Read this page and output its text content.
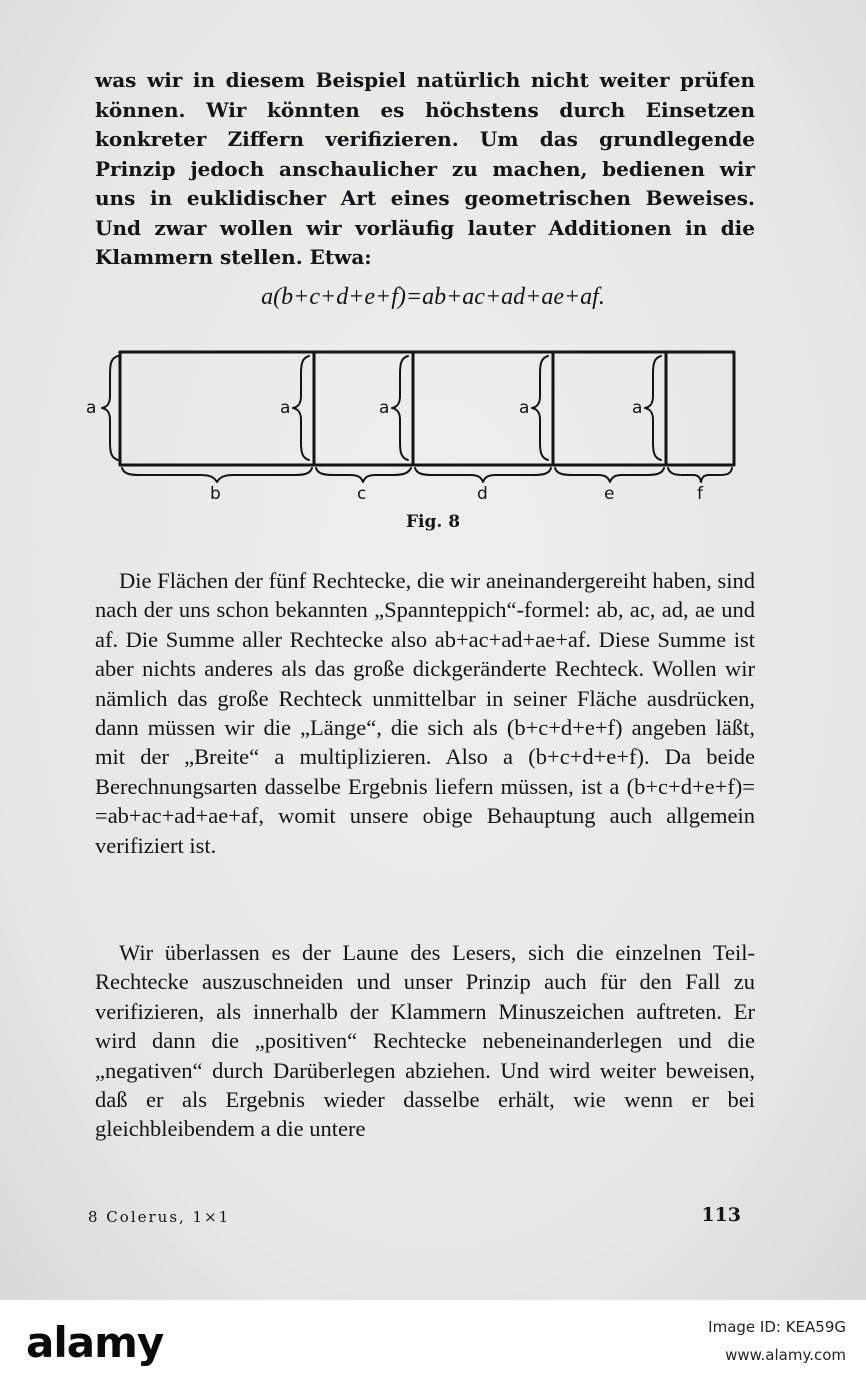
was wir in diesem Beispiel natürlich nicht weiter prüfen können. Wir könnten es höchstens durch Einsetzen konkreter Ziffern verifizieren. Um das grundlegende Prinzip jedoch anschaulicher zu machen, bedienen wir uns in euklidischer Art eines geometrischen Beweises. Und zwar wollen wir vorläufig lauter Additionen in die Klammern stellen. Etwa:

a(b+c+d+e+f)=ab+ac+ad+ae+af.
a	a	a	a	a
b	c	d	e	f
Fig. 8

Die Flächen der fünf Rechtecke, die wir aneinandergereiht haben, sind nach der uns schon bekannten „Spannteppich“-formel: ab, ac, ad, ae und af. Die Summe aller Rechtecke also ab+ac+ad+ae+af. Diese Summe ist aber nichts anderes als das große dickgeränderte Rechteck. Wollen wir nämlich das große Rechteck unmittelbar in seiner Fläche ausdrücken, dann müssen wir die „Länge“, die sich als (b+c+d+e+f) angeben läßt, mit der „Breite“ a multiplizieren. Also a (b+c+d+e+f). Da beide Berechnungsarten dasselbe Ergebnis liefern müssen, ist a (b+c+d+e+f)= =ab+ac+ad+ae+af, womit unsere obige Behauptung auch allgemein verifiziert ist.

Wir überlassen es der Laune des Lesers, sich die einzelnen Teil-Rechtecke auszuschneiden und unser Prinzip auch für den Fall zu verifizieren, als innerhalb der Klammern Minuszeichen auftreten. Er wird dann die „positiven“ Rechtecke nebeneinanderlegen und die „negativen“ durch Darüberlegen abziehen. Und wird weiter beweisen, daß er als Ergebnis wieder dasselbe erhält, wie wenn er bei gleichbleibendem a die untere

8 Colerus, 1×1	113
alamy	Image ID: KEA59G
www.alamy.com
